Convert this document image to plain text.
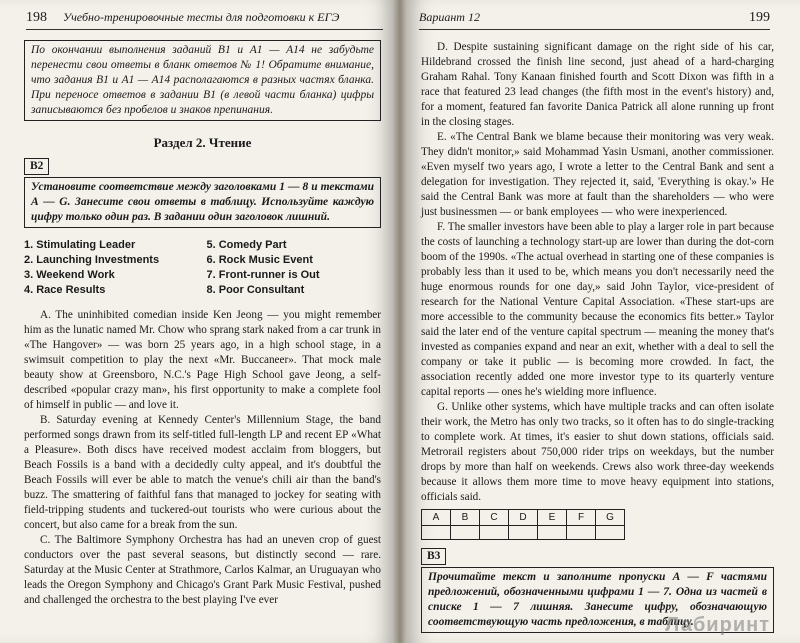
198 Учебно-тренировочные тесты для подготовки к ЕГЭ
По окончании выполнения заданий В1 и А1 — А14 не забудьте перенести свои ответы в бланк ответов № 1! Обратите внимание, что задания В1 и А1 — А14 располагаются в разных частях бланка. При переносе ответов в задании В1 (в левой части бланка) цифры записываются без пробелов и знаков препинания.
Раздел 2. Чтение
В2
Установите соответствие между заголовками 1 — 8 и текстами А — G. Занесите свои ответы в таблицу. Используйте каждую цифру только один раз. В задании один заголовок лишний.
1. Stimulating Leader	5. Comedy Part
2. Launching Investments	6. Rock Music Event
3. Weekend Work	7. Front-runner is Out
4. Race Results	8. Poor Consultant

A. The uninhibited comedian inside Ken Jeong — you might remember him as the lunatic named Mr. Chow who sprang stark naked from a car trunk in «The Hangover» — was born 25 years ago, in a high school stage, in a swimsuit competition to play the next «Mr. Buccaneer». That mock male beauty show at Greensboro, N.C.'s Page High School gave Jeong, a self-described «popular crazy man», his first opportunity to make a complete fool of himself in public — and love it.

B. Saturday evening at Kennedy Center's Millennium Stage, the band performed songs drawn from its self-titled full-length LP and recent EP «What a Pleasure». Both discs have received modest acclaim from bloggers, but Beach Fossils is a band with a decidedly culty appeal, and it's doubtful the Beach Fossils will ever be able to match the venue's chili air than the band's buzz. The smattering of faithful fans that managed to jockey for seating with field-tripping students and tuckered-out tourists who were curious about the concert, but also came for a break from the sun.

C. The Baltimore Symphony Orchestra has had an uneven crop of guest conductors over the past several seasons, but distinctly second — rare. Saturday at the Music Center at Strathmore, Carlos Kalmar, an Uruguayan who leads the Oregon Symphony and Chicago's Grant Park Music Festival, pushed and challenged the orchestra to the best playing I've ever

Вариант 12	199

D. Despite sustaining significant damage on the right side of his car, Hildebrand crossed the finish line second, just ahead of a hard-charging Graham Rahal. Tony Kanaan finished fourth and Scott Dixon was fifth in a race that featured 23 lead changes (the fifth most in the event's history) and, for a moment, featured fan favorite Danica Patrick all alone running up front in the closing stages.

E. «The Central Bank we blame because their monitoring was very weak. They didn't monitor,» said Mohammad Yasin Usmani, another commissioner. «Even myself two years ago, I wrote a letter to the Central Bank and sent a delegation for investigation. They rejected it, said, 'Everything is okay.'» He said the Central Bank was more at fault than the shareholders — who were just businessmen — or bank employees — who were inexperienced.

F. The smaller investors have been able to play a larger role in part because the costs of launching a technology start-up are lower than during the dot-corn boom of the 1990s. «The actual overhead in starting one of these companies is probably less than it used to be, which means you don't necessarily need the huge enormous rounds for one day,» said John Taylor, vice-president of research for the National Venture Capital Association. «These start-ups are more accessible to the community because the economics fits better.» Taylor said the later end of the venture capital spectrum — meaning the money that's invested as companies expand and near an exit, whether with a deal to sell the company or take it public — is becoming more crowded. In fact, the association recently added one more investor type to its quarterly venture capital reports — ones he's wielding more influence.

G. Unlike other systems, which have multiple tracks and can often isolate their work, the Metro has only two tracks, so it often has to do single-tracking to complete work. At times, it's easier to shut down stations, officials said. Metrorail registers about 750,000 rider trips on weekdays, but the number drops by more than half on weekends. Crews also work three-day weekends because it allows them more time to move heavy equipment into stations, officials said.

A	B	C	D	E	F	G

В3
Прочитайте текст и заполните пропуски А — F частями предложений, обозначенными цифрами 1 — 7. Одна из частей в списке 1 — 7 лишняя. Занесите цифру, обозначающую соответствующую часть предложения, в таблицу.
Лабиринт
